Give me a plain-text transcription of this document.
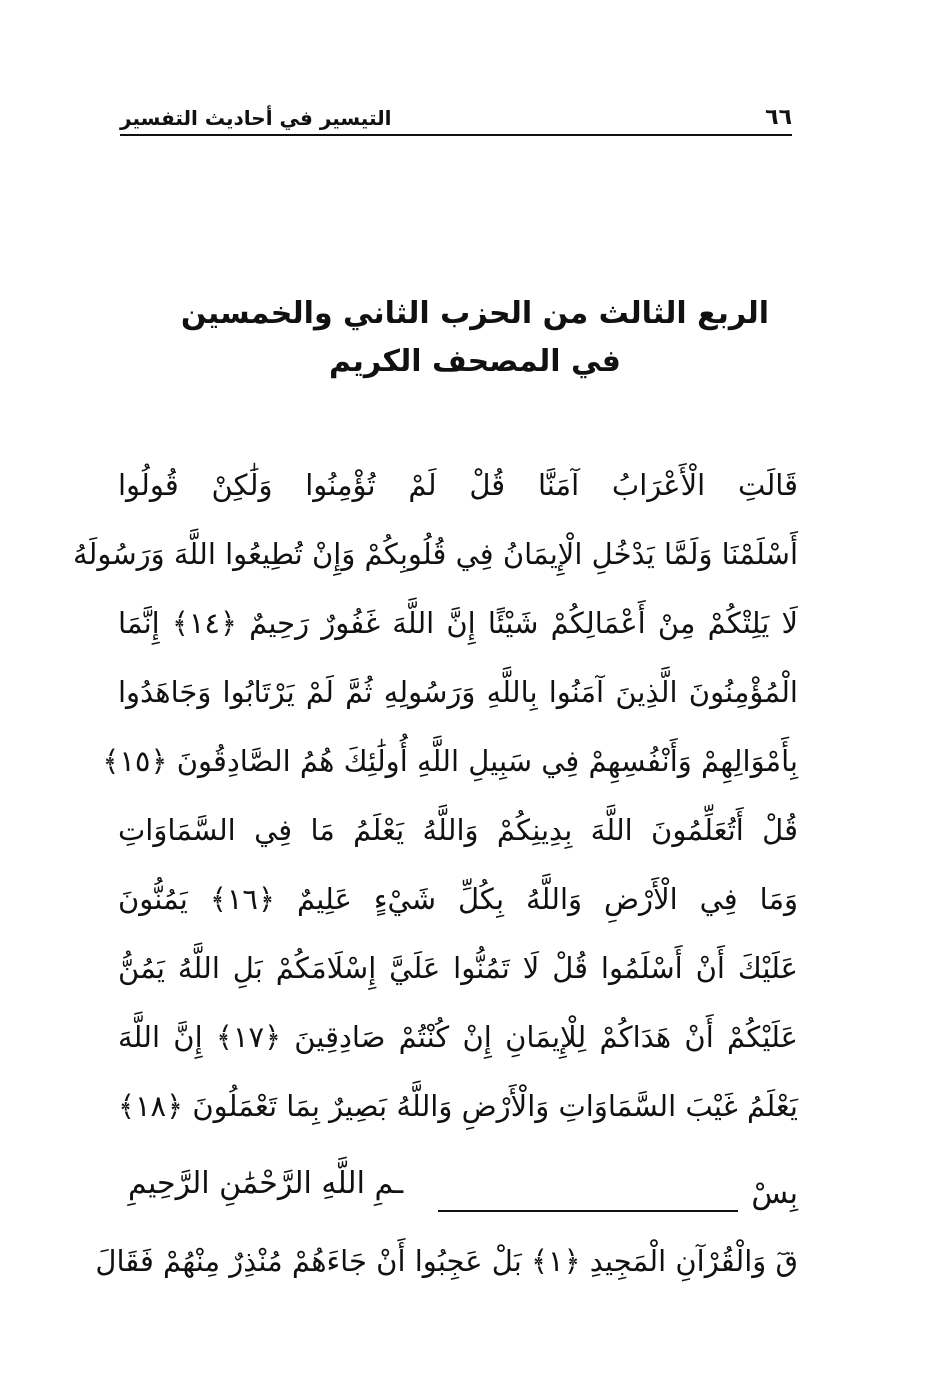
٦٦
التيسير في أحاديث التفسير
الربع الثالث من الحزب الثاني والخمسين
في المصحف الكريم
قَالَتِ الْأَعْرَابُ آمَنَّا قُلْ لَمْ تُؤْمِنُوا وَلَٰكِنْ قُولُوا
أَسْلَمْنَا وَلَمَّا يَدْخُلِ الْإِيمَانُ فِي قُلُوبِكُمْ وَإِنْ تُطِيعُوا اللَّهَ وَرَسُولَهُ
لَا يَلِتْكُمْ مِنْ أَعْمَالِكُمْ شَيْئًا إِنَّ اللَّهَ غَفُورٌ رَحِيمٌ ﴿١٤﴾ إِنَّمَا
الْمُؤْمِنُونَ الَّذِينَ آمَنُوا بِاللَّهِ وَرَسُولِهِ ثُمَّ لَمْ يَرْتَابُوا وَجَاهَدُوا
بِأَمْوَالِهِمْ وَأَنْفُسِهِمْ فِي سَبِيلِ اللَّهِ أُولَٰئِكَ هُمُ الصَّادِقُونَ ﴿١٥﴾
قُلْ أَتُعَلِّمُونَ اللَّهَ بِدِينِكُمْ وَاللَّهُ يَعْلَمُ مَا فِي السَّمَاوَاتِ
وَمَا فِي الْأَرْضِ وَاللَّهُ بِكُلِّ شَيْءٍ عَلِيمٌ ﴿١٦﴾ يَمُنُّونَ
عَلَيْكَ أَنْ أَسْلَمُوا قُلْ لَا تَمُنُّوا عَلَيَّ إِسْلَامَكُمْ بَلِ اللَّهُ يَمُنُّ
عَلَيْكُمْ أَنْ هَدَاكُمْ لِلْإِيمَانِ إِنْ كُنْتُمْ صَادِقِينَ ﴿١٧﴾ إِنَّ اللَّهَ
يَعْلَمُ غَيْبَ السَّمَاوَاتِ وَالْأَرْضِ وَاللَّهُ بَصِيرٌ بِمَا تَعْمَلُونَ ﴿١٨﴾
بِسْ
ـمِ اللَّهِ الرَّحْمَٰنِ الرَّحِيمِ
قٓ وَالْقُرْآنِ الْمَجِيدِ ﴿١﴾ بَلْ عَجِبُوا أَنْ جَاءَهُمْ مُنْذِرٌ مِنْهُمْ فَقَالَ
